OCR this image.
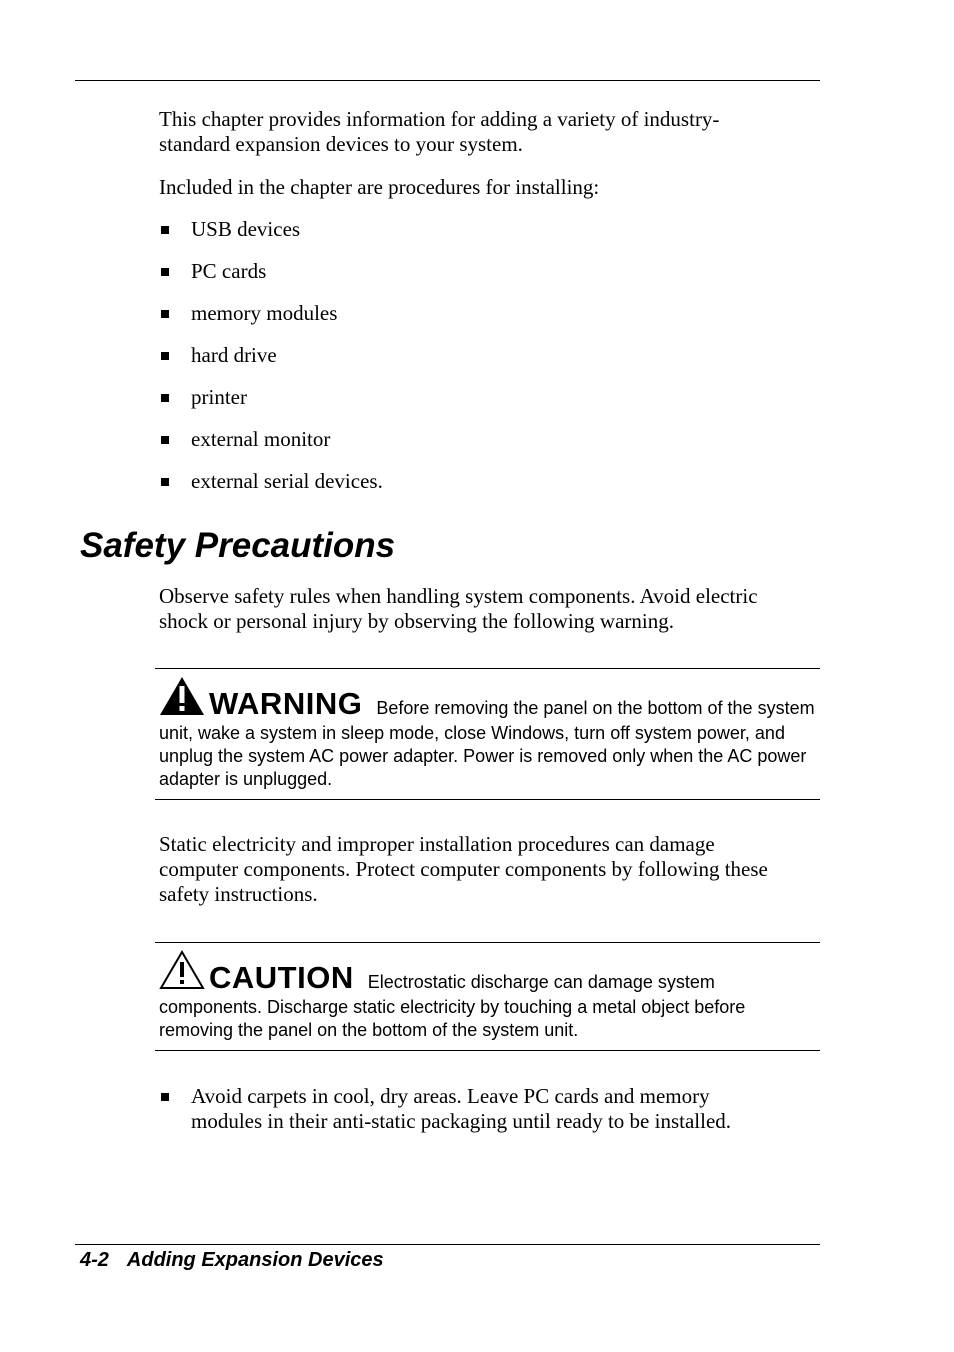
This chapter provides information for adding a variety of industry-
standard expansion devices to your system.
Included in the chapter are procedures for installing:
USB devices
PC cards
memory modules
hard drive
printer
external monitor
external serial devices.
Safety Precautions
Observe safety rules when handling system components. Avoid electric
shock or personal injury by observing the following warning.
WARNING Before removing the panel on the bottom of the system unit, wake a system in sleep mode, close Windows, turn off system power, and unplug the system AC power adapter. Power is removed only when the AC power adapter is unplugged.
Static electricity and improper installation procedures can damage
computer components. Protect computer components by following these
safety instructions.
CAUTION Electrostatic discharge can damage system components. Discharge static electricity by touching a metal object before removing the panel on the bottom of the system unit.
Avoid carpets in cool, dry areas. Leave PC cards and memory
modules in their anti-static packaging until ready to be installed.
4-2 Adding Expansion Devices
